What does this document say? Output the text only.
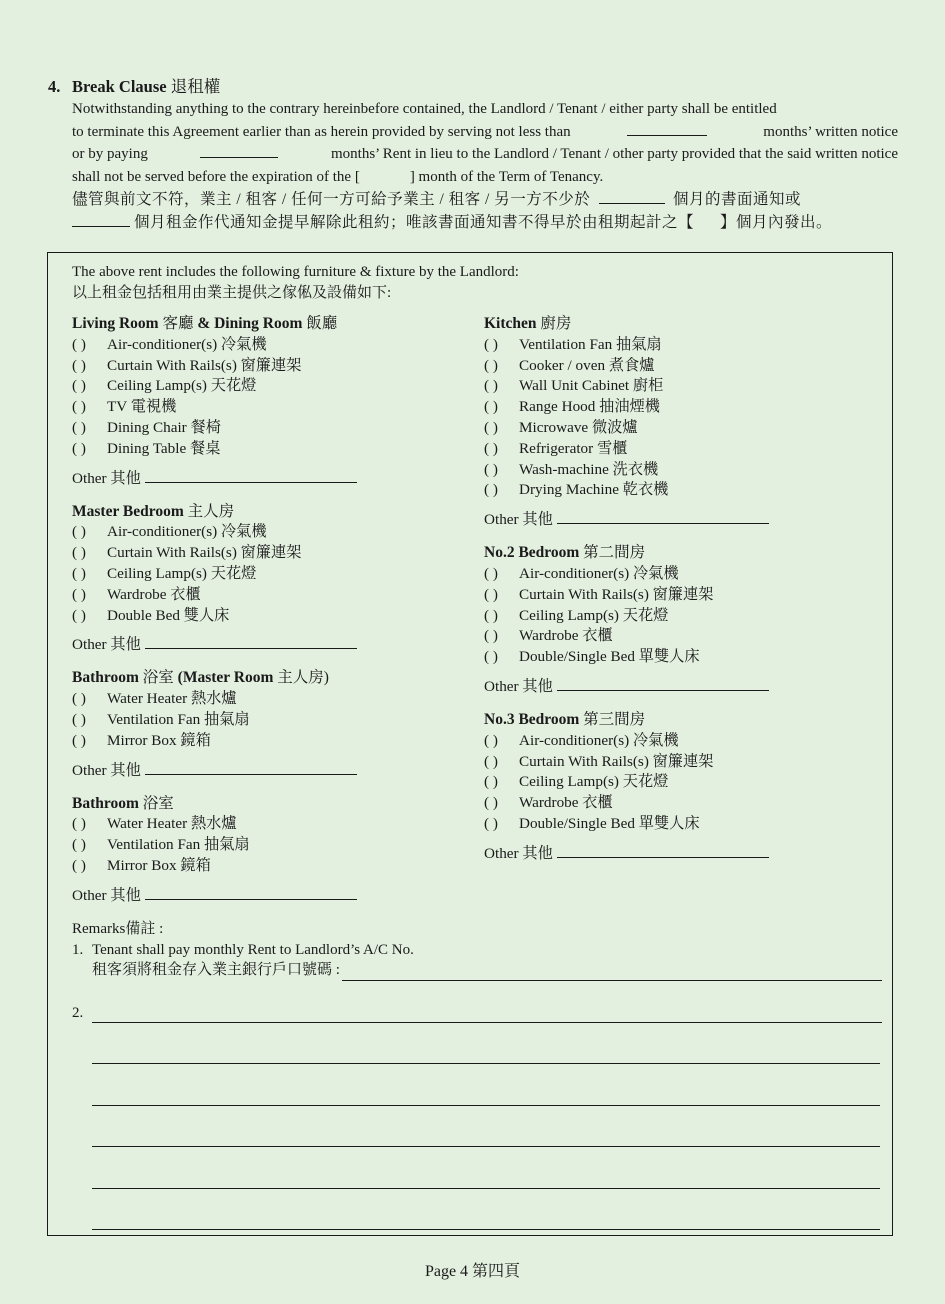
4. Break Clause 退租權
Notwithstanding anything to the contrary hereinbefore contained, the Landlord / Tenant / either party shall be entitled
to terminate this Agreement earlier than as herein provided by serving not less than	months’ written notice
or by paying	months’ Rent in lieu to the Landlord / Tenant / other party provided that the said written notice
shall not be served before the expiration of the [	] month of the Term of Tenancy.
儘管與前文不符，業主 / 租客 / 任何一方可給予業主 / 租客 / 另一方不少於	個月的書面通知或
個月租金作代通知金提早解除此租約；唯該書面通知書不得早於由租期起計之【 】個月內發出。
The above rent includes the following furniture & fixture by the Landlord:
以上租金包括租用由業主提供之傢俬及設備如下:
Living Room 客廳 & Dining Room 飯廳
( ) Air-conditioner(s) 冷氣機
( ) Curtain With Rails(s) 窗簾連架
( ) Ceiling Lamp(s) 天花燈
( ) TV 電視機
( ) Dining Chair 餐椅
( ) Dining Table 餐桌
Other 其他
Master Bedroom 主人房
( ) Air-conditioner(s) 冷氣機
( ) Curtain With Rails(s) 窗簾連架
( ) Ceiling Lamp(s) 天花燈
( ) Wardrobe 衣櫃
( ) Double Bed 雙人床
Other 其他
Bathroom 浴室 (Master Room 主人房)
( ) Water Heater 熱水爐
( ) Ventilation Fan 抽氣扇
( ) Mirror Box 鏡箱
Other 其他
Bathroom 浴室
( ) Water Heater 熱水爐
( ) Ventilation Fan 抽氣扇
( ) Mirror Box 鏡箱
Other 其他
Kitchen 廚房
( ) Ventilation Fan 抽氣扇
( ) Cooker / oven 煮食爐
( ) Wall Unit Cabinet 廚柜
( ) Range Hood 抽油煙機
( ) Microwave 微波爐
( ) Refrigerator 雪櫃
( ) Wash-machine 洗衣機
( ) Drying Machine 乾衣機
Other 其他
No.2 Bedroom 第二間房
( ) Air-conditioner(s) 冷氣機
( ) Curtain With Rails(s) 窗簾連架
( ) Ceiling Lamp(s) 天花燈
( ) Wardrobe 衣櫃
( ) Double/Single Bed 單雙人床
Other 其他
No.3 Bedroom 第三間房
( ) Air-conditioner(s) 冷氣機
( ) Curtain With Rails(s) 窗簾連架
( ) Ceiling Lamp(s) 天花燈
( ) Wardrobe 衣櫃
( ) Double/Single Bed 單雙人床
Other 其他
Remarks備註 :
1. Tenant shall pay monthly Rent to Landlord’s A/C No.
租客須將租金存入業主銀行戶口號碼 :
2.
Page 4 第四頁
